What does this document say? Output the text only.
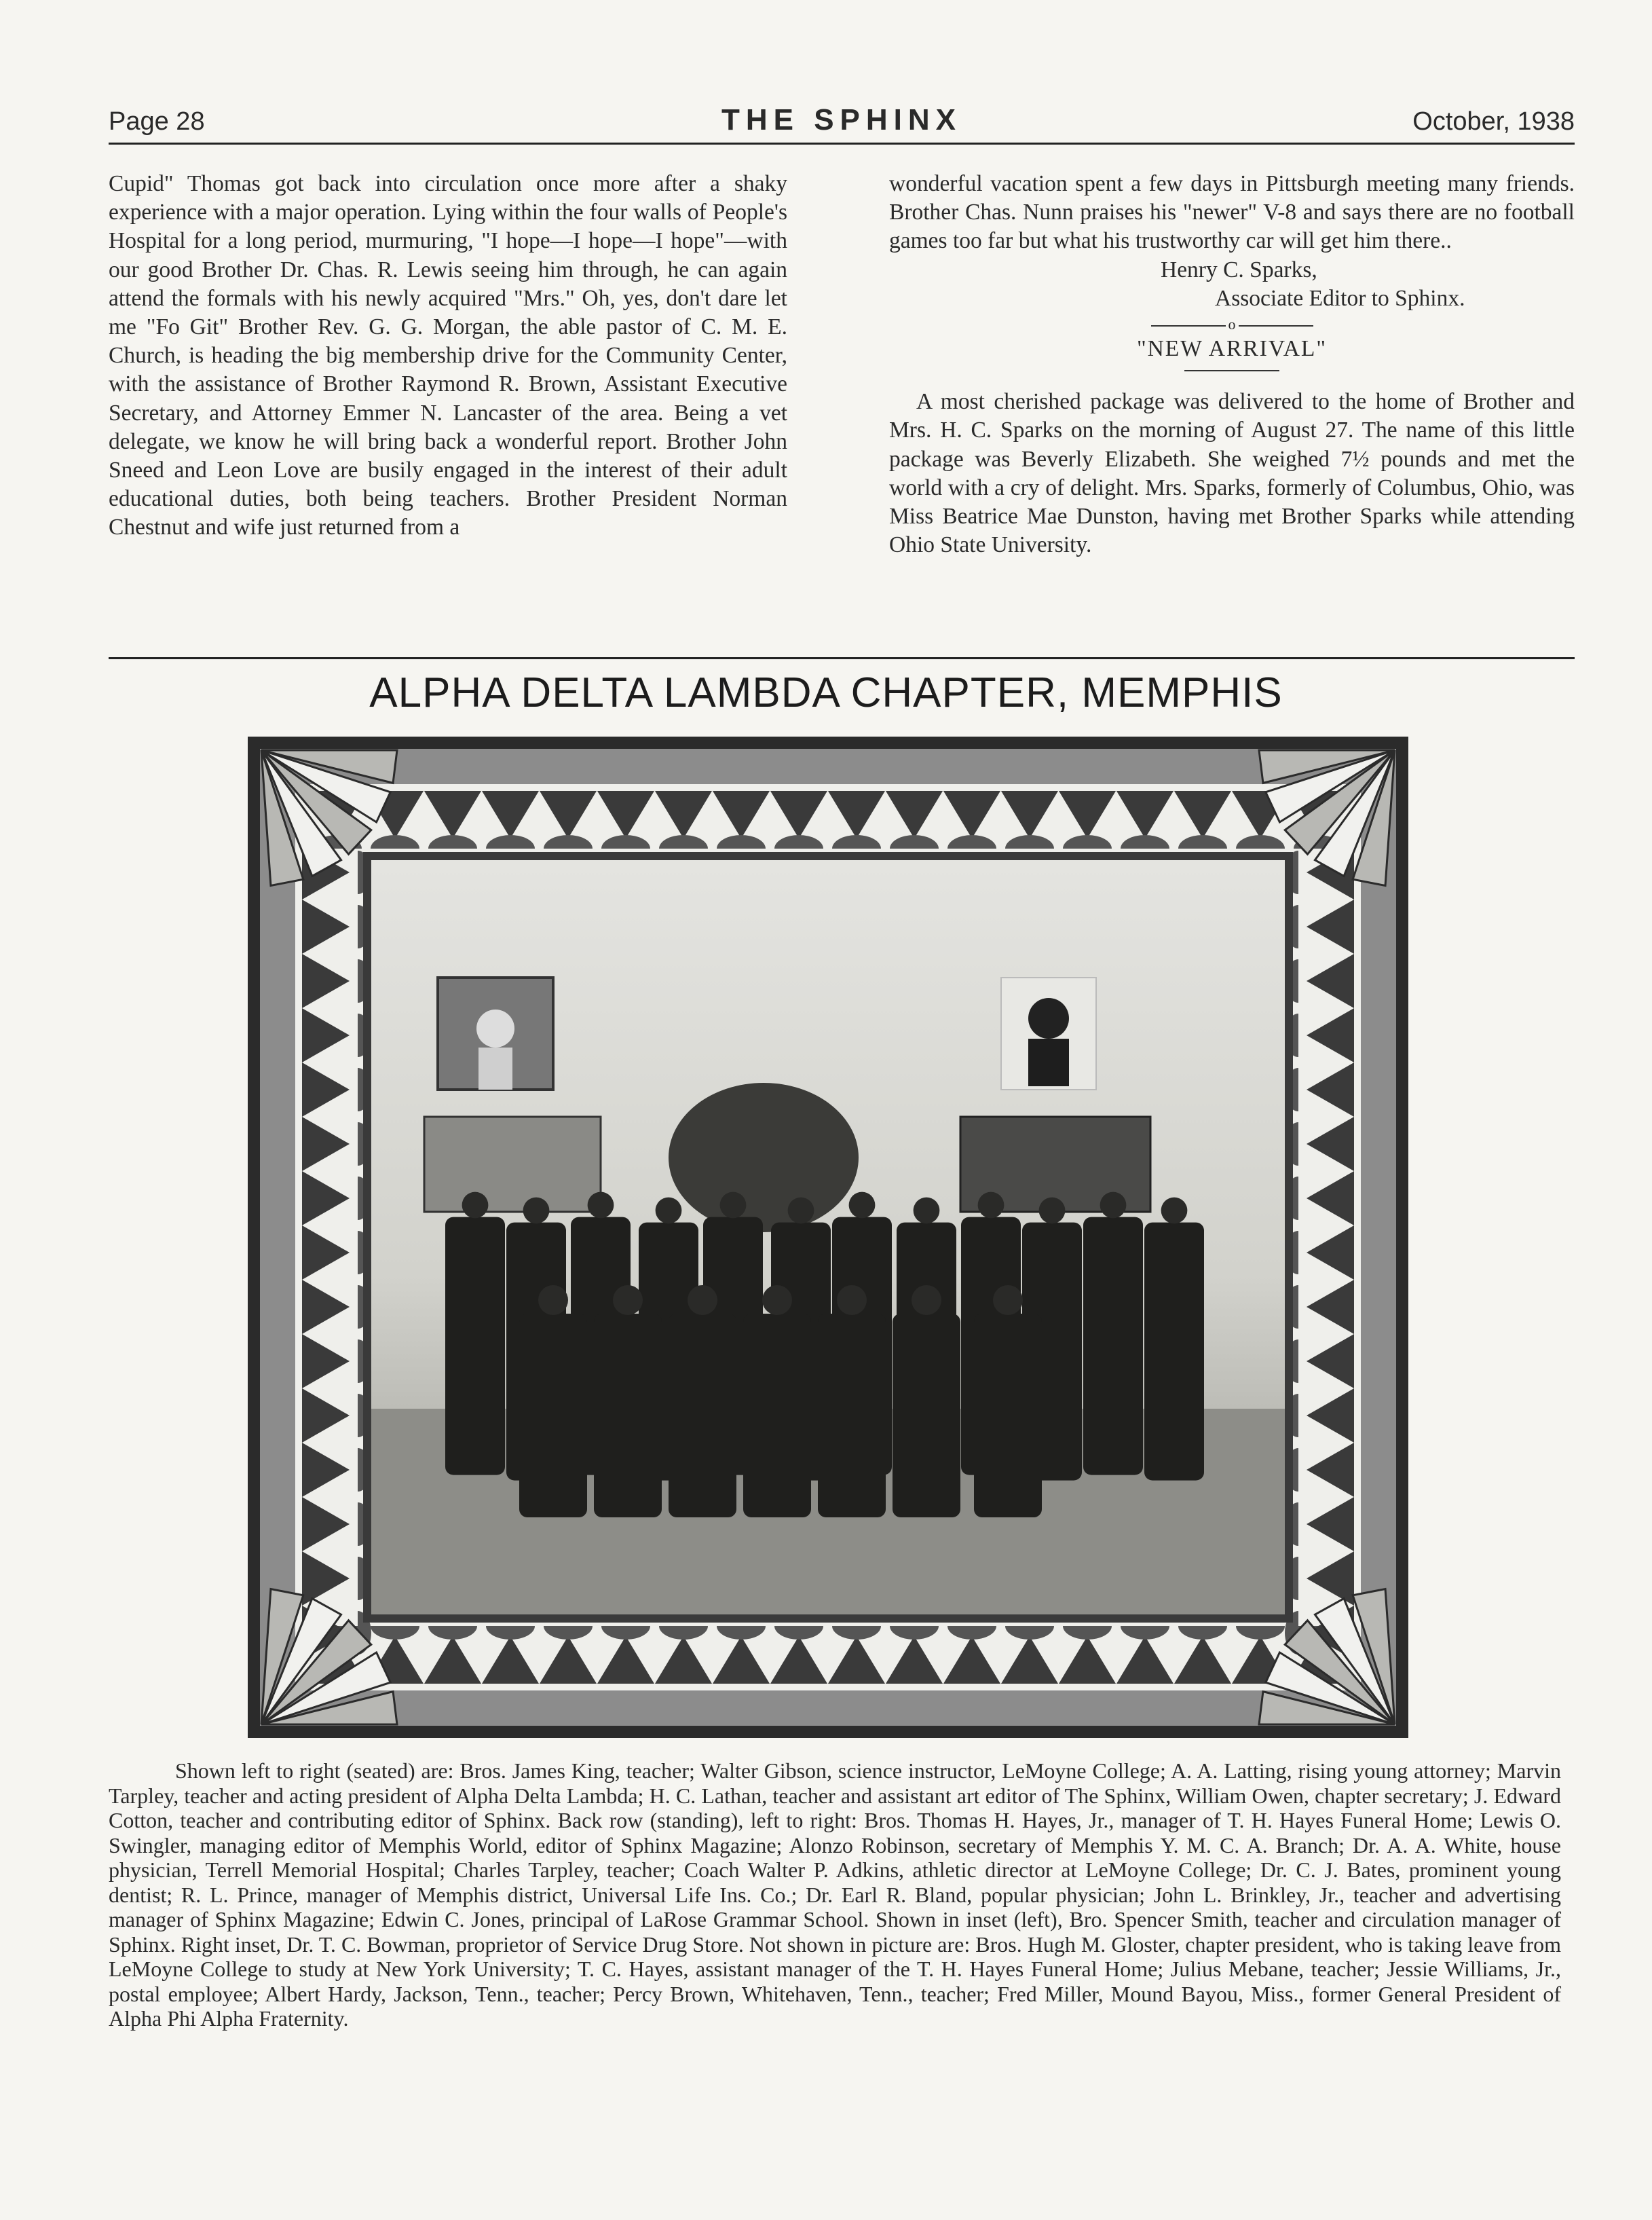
Page 28	THE SPHINX	October, 1938

Cupid" Thomas got back into circulation once more after a shaky experience with a major operation. Lying within the four walls of People's Hospital for a long period, murmuring, "I hope—I hope—I hope"—with our good Brother Dr. Chas. R. Lewis seeing him through, he can again attend the formals with his newly acquired "Mrs." Oh, yes, don't dare let me "Fo Git" Brother Rev. G. G. Morgan, the able pastor of C. M. E. Church, is heading the big membership drive for the Community Center, with the assistance of Brother Raymond R. Brown, Assistant Executive Secretary, and Attorney Emmer N. Lancaster of the area. Being a vet delegate, we know he will bring back a wonderful report. Brother John Sneed and Leon Love are busily engaged in the interest of their adult educational duties, both being teachers. Brother President Norman Chestnut and wife just returned from a

wonderful vacation spent a few days in Pittsburgh meeting many friends. Brother Chas. Nunn praises his "newer" V-8 and says there are no football games too far but what his trustworthy car will get him there..

Henry C. Sparks,

Associate Editor to Sphinx.

o

"NEW ARRIVAL"

A most cherished package was delivered to the home of Brother and Mrs. H. C. Sparks on the morning of August 27. The name of this little package was Beverly Elizabeth. She weighed 7½ pounds and met the world with a cry of delight. Mrs. Sparks, formerly of Columbus, Ohio, was Miss Beatrice Mae Dunston, having met Brother Sparks while attending Ohio State University.

ALPHA DELTA LAMBDA CHAPTER, MEMPHIS

Shown left to right (seated) are: Bros. James King, teacher; Walter Gibson, science instructor, LeMoyne College; A. A. Latting, rising young attorney; Marvin Tarpley, teacher and acting president of Alpha Delta Lambda; H. C. Lathan, teacher and assistant art editor of The Sphinx, William Owen, chapter secretary; J. Edward Cotton, teacher and contributing editor of Sphinx. Back row (standing), left to right: Bros. Thomas H. Hayes, Jr., manager of T. H. Hayes Funeral Home; Lewis O. Swingler, managing editor of Memphis World, editor of Sphinx Magazine; Alonzo Robinson, secretary of Memphis Y. M. C. A. Branch; Dr. A. A. White, house physician, Terrell Memorial Hospital; Charles Tarpley, teacher; Coach Walter P. Adkins, athletic director at LeMoyne College; Dr. C. J. Bates, prominent young dentist; R. L. Prince, manager of Memphis district, Universal Life Ins. Co.; Dr. Earl R. Bland, popular physician; John L. Brinkley, Jr., teacher and advertising manager of Sphinx Magazine; Edwin C. Jones, principal of LaRose Grammar School. Shown in inset (left), Bro. Spencer Smith, teacher and circulation manager of Sphinx. Right inset, Dr. T. C. Bowman, proprietor of Service Drug Store. Not shown in picture are: Bros. Hugh M. Gloster, chapter president, who is taking leave from LeMoyne College to study at New York University; T. C. Hayes, assistant manager of the T. H. Hayes Funeral Home; Julius Mebane, teacher; Jessie Williams, Jr., postal employee; Albert Hardy, Jackson, Tenn., teacher; Percy Brown, Whitehaven, Tenn., teacher; Fred Miller, Mound Bayou, Miss., former General President of Alpha Phi Alpha Fraternity.
